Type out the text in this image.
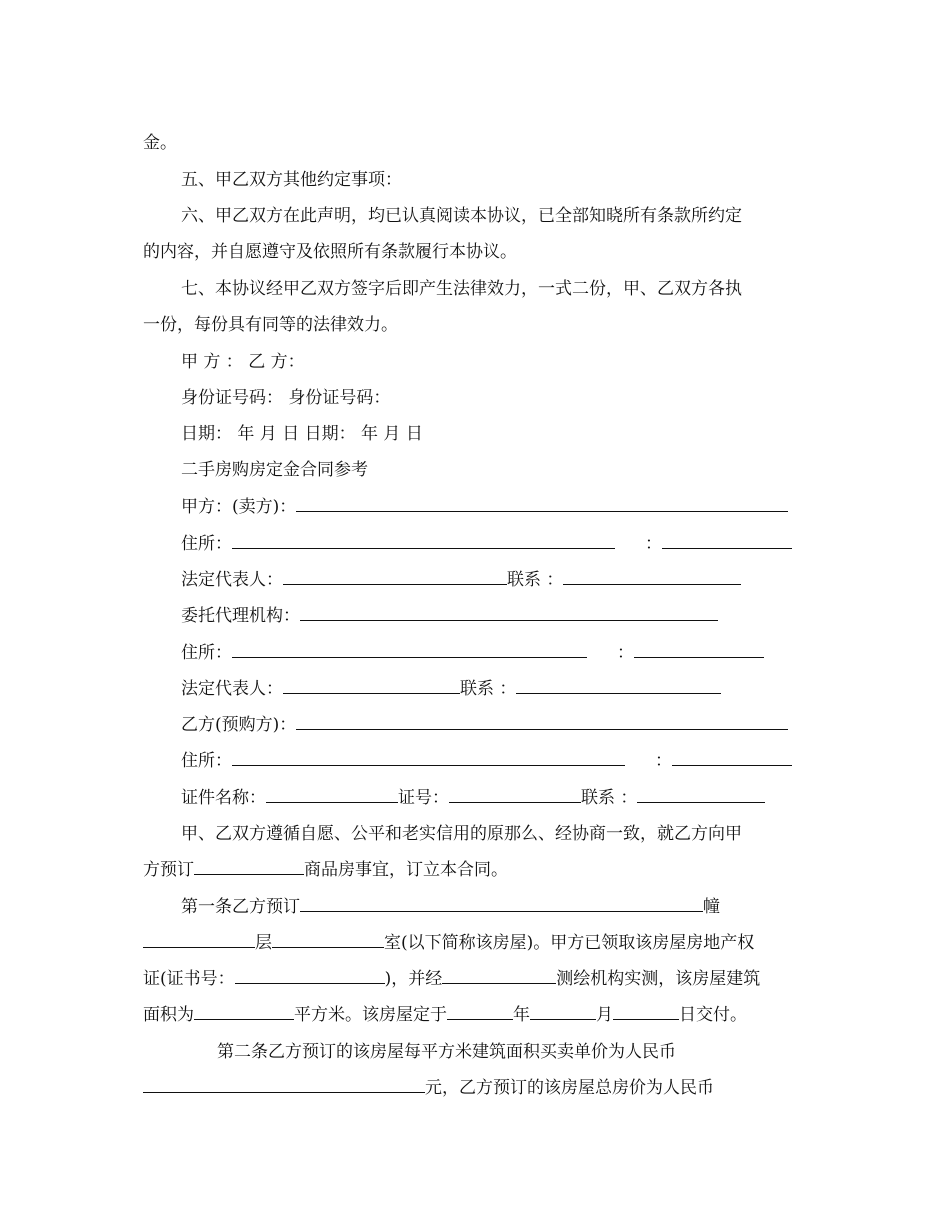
金。
五、甲乙双方其他约定事项：
六、甲乙双方在此声明，均已认真阅读本协议，已全部知晓所有条款所约定
的内容，并自愿遵守及依照所有条款履行本协议。
七、本协议经甲乙双方签字后即产生法律效力，一式二份，甲、乙双方各执
一份，每份具有同等的法律效力。
甲 方 ： 乙 方：
身份证号码： 身份证号码：
日期： 年 月 日 日期： 年 月 日
二手房购房定金合同参考
甲方：(卖方)：
住所：	：
法定代表人：	联系 ：
委托代理机构：
住所：	：
法定代表人：	联系 ：
乙方(预购方)：
住所：	：
证件名称：	证号：	联系 ：
甲、乙双方遵循自愿、公平和老实信用的原那么、经协商一致，就乙方向甲
方预订	商品房事宜，订立本合同。
第一条乙方预订	幢
层	室(以下简称该房屋)。甲方已领取该房屋房地产权
证(证书号：	)，并经	测绘机构实测，该房屋建筑
面积为	平方米。该房屋定于	年	月	日交付。
第二条乙方预订的该房屋每平方米建筑面积买卖单价为人民币
元，乙方预订的该房屋总房价为人民币
